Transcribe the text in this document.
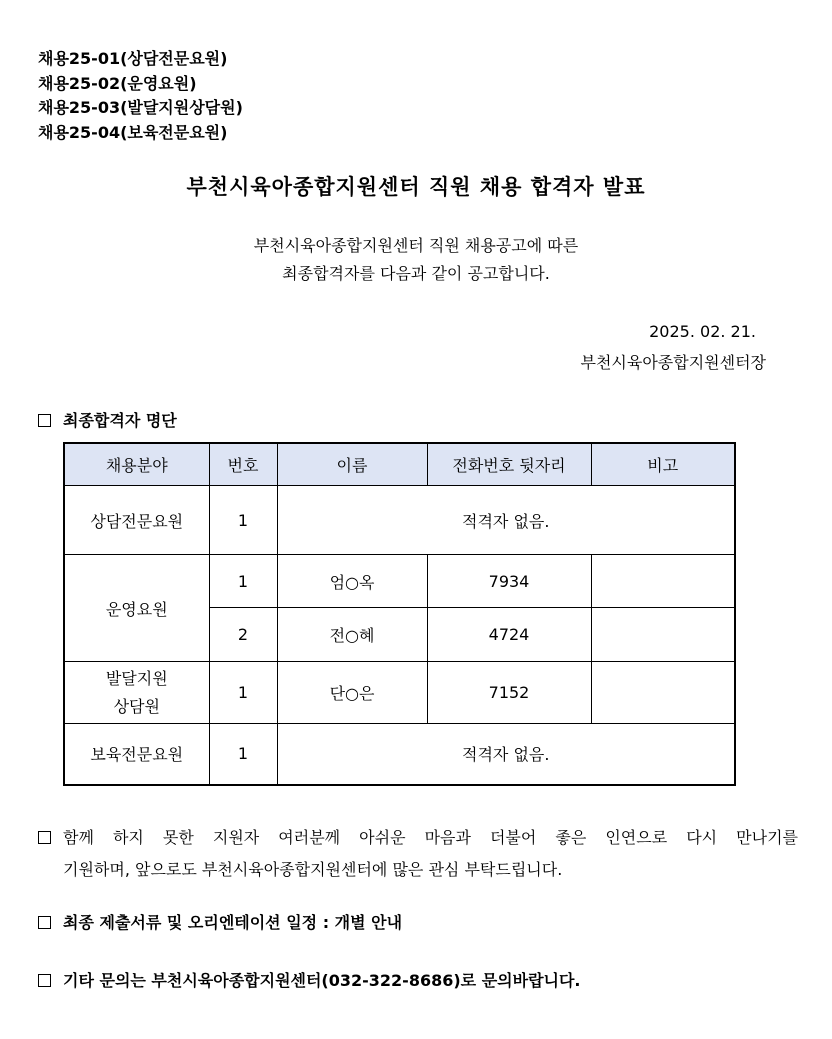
채용25-01(상담전문요원)
채용25-02(운영요원)
채용25-03(발달지원상담원)
채용25-04(보육전문요원)
부천시육아종합지원센터 직원 채용 합격자 발표
부천시육아종합지원센터 직원 채용공고에 따른
최종합격자를 다음과 같이 공고합니다.
2025. 02. 21.
부천시육아종합지원센터장
최종합격자 명단
채용분야	번호	이름	전화번호 뒷자리	비고
상담전문요원	1	적격자 없음.		
운영요원	1	엄○옥	7934	
	2	전○혜	4724	
발달지원
상담원	1	단○은	7152	
보육전문요원	1	적격자 없음.		
함께 하지 못한 지원자 여러분께 아쉬운 마음과 더불어 좋은 인연으로 다시 만나기를
기원하며, 앞으로도 부천시육아종합지원센터에 많은 관심 부탁드립니다.
최종 제출서류 및 오리엔테이션 일정 : 개별 안내
기타 문의는 부천시육아종합지원센터(032-322-8686)로 문의바랍니다.
